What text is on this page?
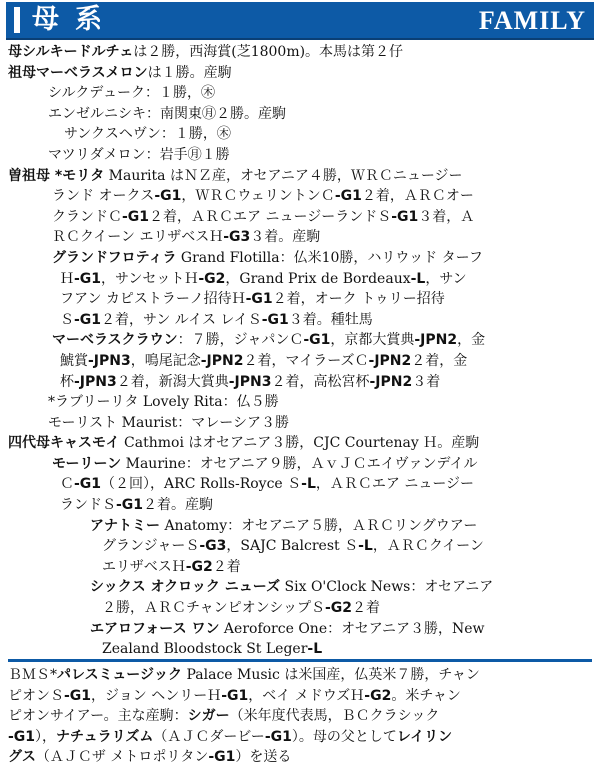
母系	FAMILY
母シルキードルチェは２勝，西海賞(芝1800m)。本馬は第２仔
祖母マーベラスメロンは１勝。産駒
シルクデューク：１勝，㊍
エンゼルニシキ：南関東㊊２勝。産駒
サンクスヘヴン：１勝，㊍
マツリダメロン：岩手㊊１勝
曽祖母 *モリタ Maurita はＮＺ産，オセアニア４勝，ＷＲＣニュージー
ランド オークス-G1，ＷＲＣウェリントンＣ-G1２着，ＡＲＣオー
クランドＣ-G1２着，ＡＲＣエア ニュージーランドＳ-G1３着，Ａ
ＲＣクイーン エリザベスＨ-G3３着。産駒
グランドフロティラ Grand Flotilla：仏米10勝，ハリウッド ターフ
Ｈ-G1，サンセットＨ-G2，Grand Prix de Bordeaux-L，サン
フアン カピストラーノ招待Ｈ-G1２着，オーク トゥリー招待
Ｓ-G1２着，サン ルイス レイＳ-G1３着。種牡馬
マーベラスクラウン：７勝，ジャパンＣ-G1，京都大賞典-JPN2，金
鯱賞-JPN3，鳴尾記念-JPN2２着，マイラーズＣ-JPN2２着，金
杯-JPN3２着，新潟大賞典-JPN3２着，高松宮杯-JPN2３着
*ラブリーリタ Lovely Rita：仏５勝
モーリスト Maurist：マレーシア３勝
四代母キャスモイ Cathmoi はオセアニア３勝，CJC Courtenay Ｈ。産駒
モーリーン Maurine：オセアニア９勝，ＡｖＪＣエイヴァンデイル
Ｃ-G1（２回），ARC Rolls-Royce Ｓ-L，ＡＲＣエア ニュージー
ランドＳ-G1２着。産駒
アナトミー Anatomy：オセアニア５勝，ＡＲＣリングウアー
グランジャーＳ-G3，SAJC Balcrest Ｓ-L，ＡＲＣクイーン
エリザベスＨ-G2２着
シックス オクロック ニューズ Six O'Clock News：オセアニア
２勝，ＡＲＣチャンピオンシップＳ-G2２着
エアロフォース ワン Aeroforce One：オセアニア３勝，New
Zealand Bloodstock St Leger-L
ＢＭＳ*パレスミュージック Palace Music は米国産，仏英米７勝，チャン
ピオンＳ-G1，ジョン ヘンリーＨ-G1，ベイ メドウズＨ-G2。米チャン
ピオンサイアー。主な産駒：シガー（米年度代表馬，ＢＣクラシック
-G1），ナチュラリズム（ＡＪＣダービー-G1）。母の父としてレイリン
グス（ＡＪＣザ メトロポリタン-G1）を送る
